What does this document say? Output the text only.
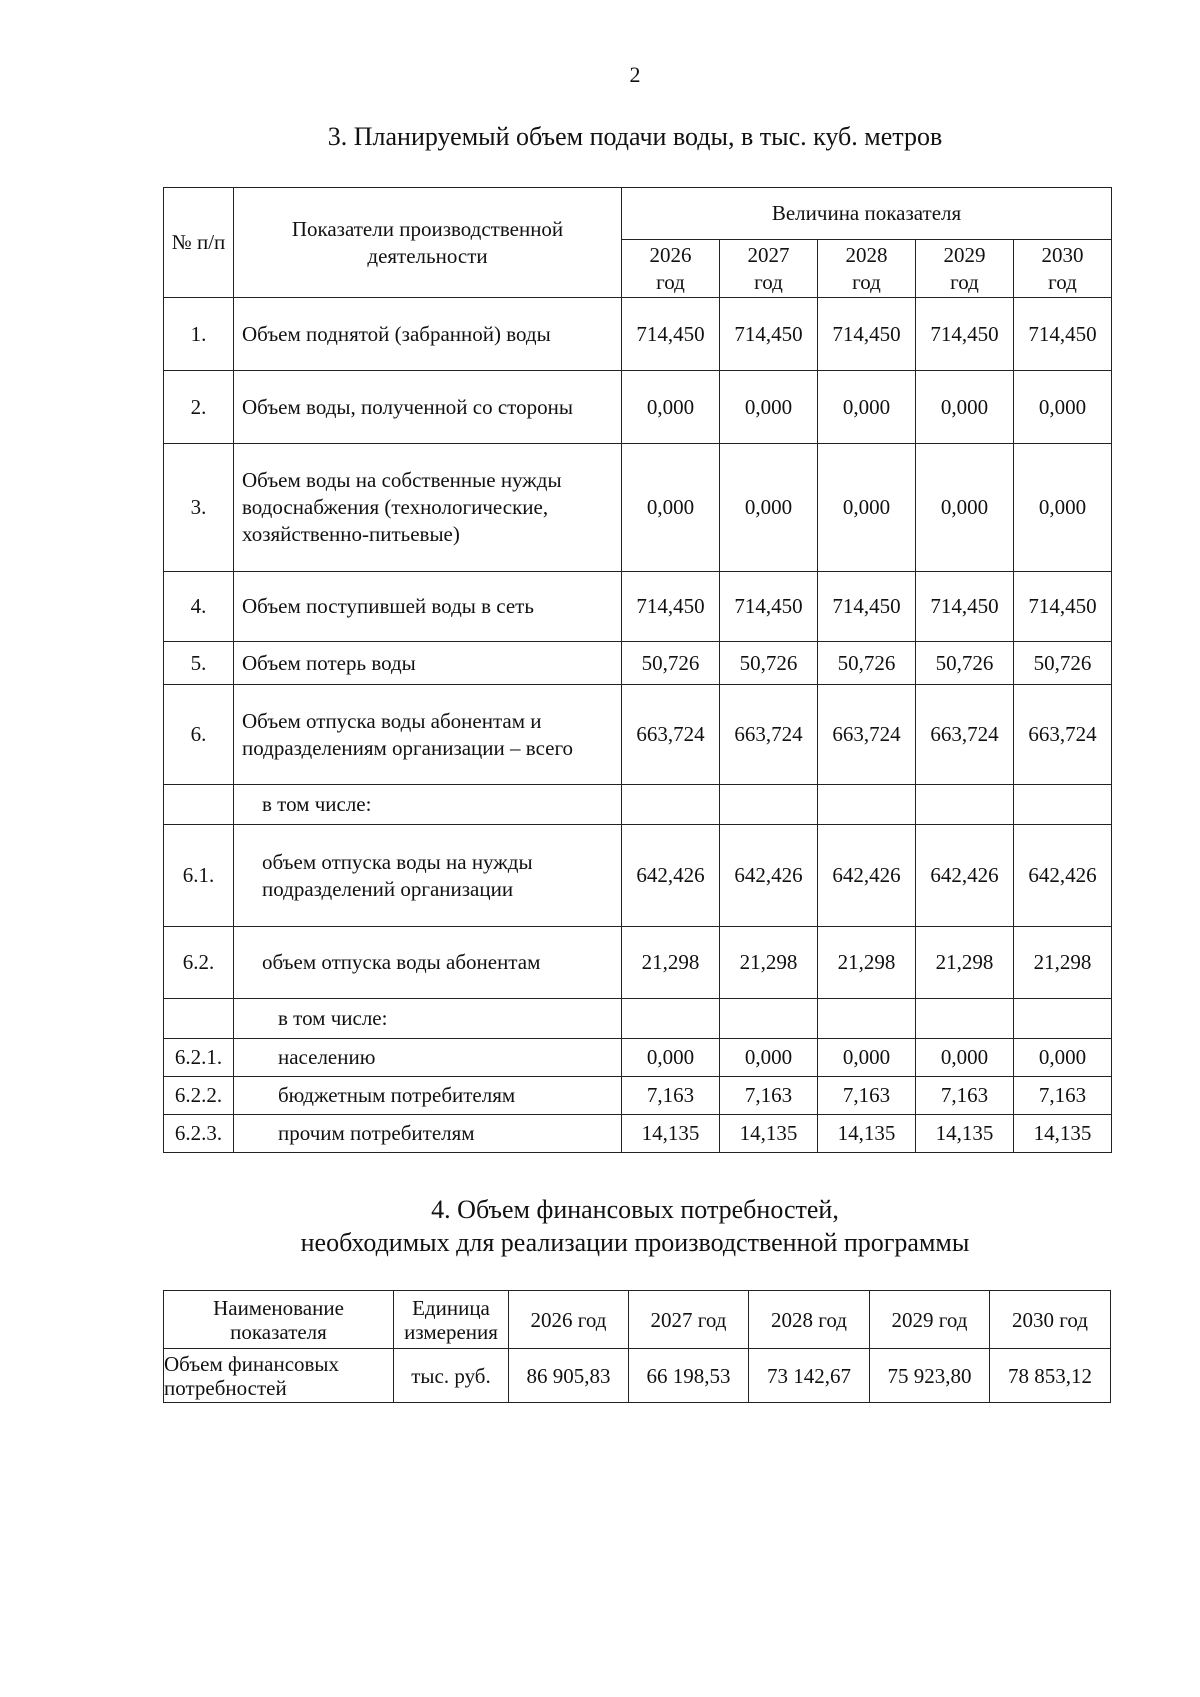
2
3. Планируемый объем подачи воды, в тыс. куб. метров
№ п/п	Показатели производственной деятельности	Величина показателя				
		2026 год	2027 год	2028 год	2029 год	2030 год
1.	Объем поднятой (забранной) воды	714,450	714,450	714,450	714,450	714,450
2.	Объем воды, полученной со стороны	0,000	0,000	0,000	0,000	0,000
3.	Объем воды на собственные нужды водоснабжения (технологические, хозяйственно-питьевые)	0,000	0,000	0,000	0,000	0,000
4.	Объем поступившей воды в сеть	714,450	714,450	714,450	714,450	714,450
5.	Объем потерь воды	50,726	50,726	50,726	50,726	50,726
6.	Объем отпуска воды абонентам и подразделениям организации – всего	663,724	663,724	663,724	663,724	663,724
	в том числе:					
6.1.	объем отпуска воды на нужды подразделений организации	642,426	642,426	642,426	642,426	642,426
6.2.	объем отпуска воды абонентам	21,298	21,298	21,298	21,298	21,298
	в том числе:					
6.2.1.	населению	0,000	0,000	0,000	0,000	0,000
6.2.2.	бюджетным потребителям	7,163	7,163	7,163	7,163	7,163
6.2.3.	прочим потребителям	14,135	14,135	14,135	14,135	14,135
4. Объем финансовых потребностей,
необходимых для реализации производственной программы
Наименование показателя	Единица измерения	2026 год	2027 год	2028 год	2029 год	2030 год
Объем финансовых потребностей	тыс. руб.	86 905,83	66 198,53	73 142,67	75 923,80	78 853,12
